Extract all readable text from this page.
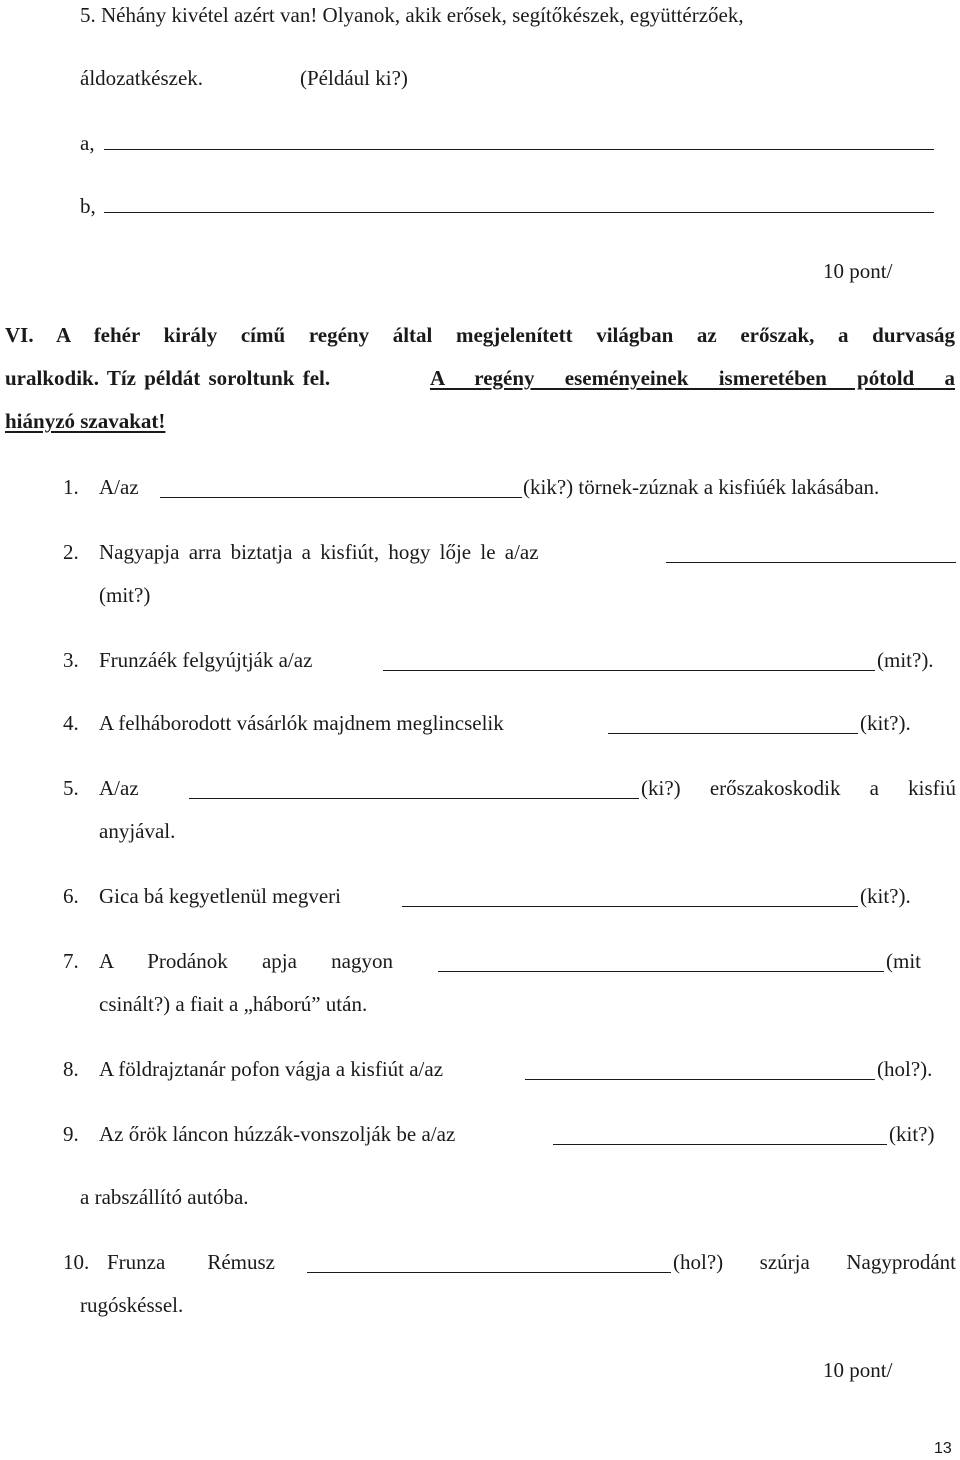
5. Néhány kivétel azért van! Olyanok, akik erősek, segítőkészek, együttérzőek,
áldozatkészek.	(Például ki?)
a,
b,
10 pont/
VI. A fehér király című regény által megjelenített világban az erőszak, a durvaság
uralkodik. Tíz példát soroltunk fel.	A regény eseményeinek ismeretében pótold a
hiányzó szavakat!
1. A/az	(kik?) törnek-zúznak a kisfiúék lakásában.
2. Nagyapja arra biztatja a kisfiút, hogy lője le a/az
(mit?)
3. Frunzáék felgyújtják a/az	(mit?).
4. A felháborodott vásárlók majdnem meglincselik	(kit?).
5. A/az	(ki?) erőszakoskodik a kisfiú
anyjával.
6. Gica bá kegyetlenül megveri	(kit?).
7. A Prodánok apja nagyon	(mit
csinált?) a fiait a „háború” után.
8. A földrajztanár pofon vágja a kisfiút a/az	(hol?).
9. Az őrök láncon húzzák-vonszolják be a/az	(kit?)
a rabszállító autóba.
10. Frunza Rémusz	(hol?) szúrja Nagyprodánt
rugóskéssel.
10 pont/
13
